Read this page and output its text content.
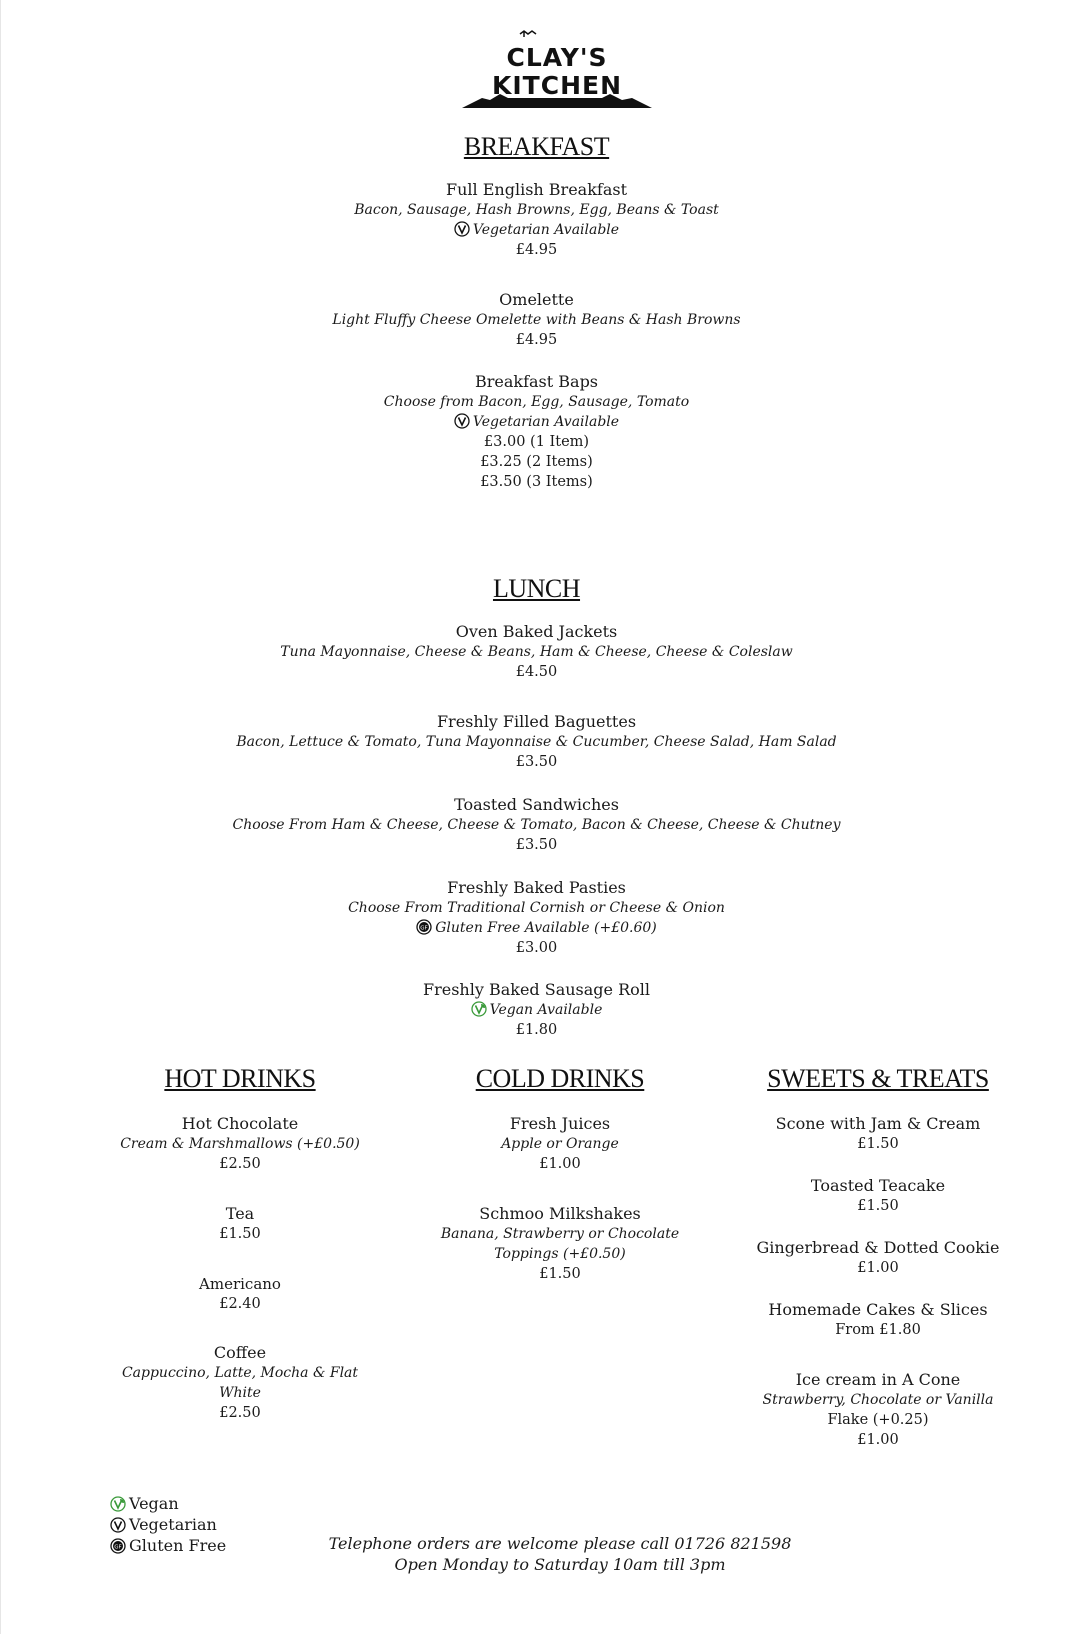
CLAY'S
KITCHEN
BREAKFAST
Full English Breakfast
Bacon, Sausage, Hash Browns, Egg, Beans & Toast
Vegetarian Available
£4.95
Omelette
Light Fluffy Cheese Omelette with Beans & Hash Browns
£4.95
Breakfast Baps
Choose from Bacon, Egg, Sausage, Tomato
Vegetarian Available
£3.00 (1 Item)
£3.25 (2 Items)
£3.50 (3 Items)
LUNCH
Oven Baked Jackets
Tuna Mayonnaise, Cheese & Beans, Ham & Cheese, Cheese & Coleslaw
£4.50
Freshly Filled Baguettes
Bacon, Lettuce & Tomato, Tuna Mayonnaise & Cucumber, Cheese Salad, Ham Salad
£3.50
Toasted Sandwiches
Choose From Ham & Cheese, Cheese & Tomato, Bacon & Cheese, Cheese & Chutney
£3.50
Freshly Baked Pasties
Choose From Traditional Cornish or Cheese & Onion
GF Gluten Free Available (+£0.60)
£3.00
Freshly Baked Sausage Roll
Vegan Available
£1.80
HOT DRINKS	COLD DRINKS	SWEETS & TREATS
Hot Chocolate
Cream & Marshmallows (+£0.50)
£2.50
Tea
£1.50
Americano
£2.40
Coffee
Cappuccino, Latte, Mocha & Flat
White
£2.50
Fresh Juices
Apple or Orange
£1.00
Schmoo Milkshakes
Banana, Strawberry or Chocolate
Toppings (+£0.50)
£1.50
Scone with Jam & Cream
£1.50
Toasted Teacake
£1.50
Gingerbread & Dotted Cookie
£1.00
Homemade Cakes & Slices
From £1.80
Ice cream in A Cone
Strawberry, Chocolate or Vanilla
Flake (+0.25)
£1.00
Vegan
Vegetarian
GF Gluten Free	Telephone orders are welcome please call 01726 821598
Open Monday to Saturday 10am till 3pm
